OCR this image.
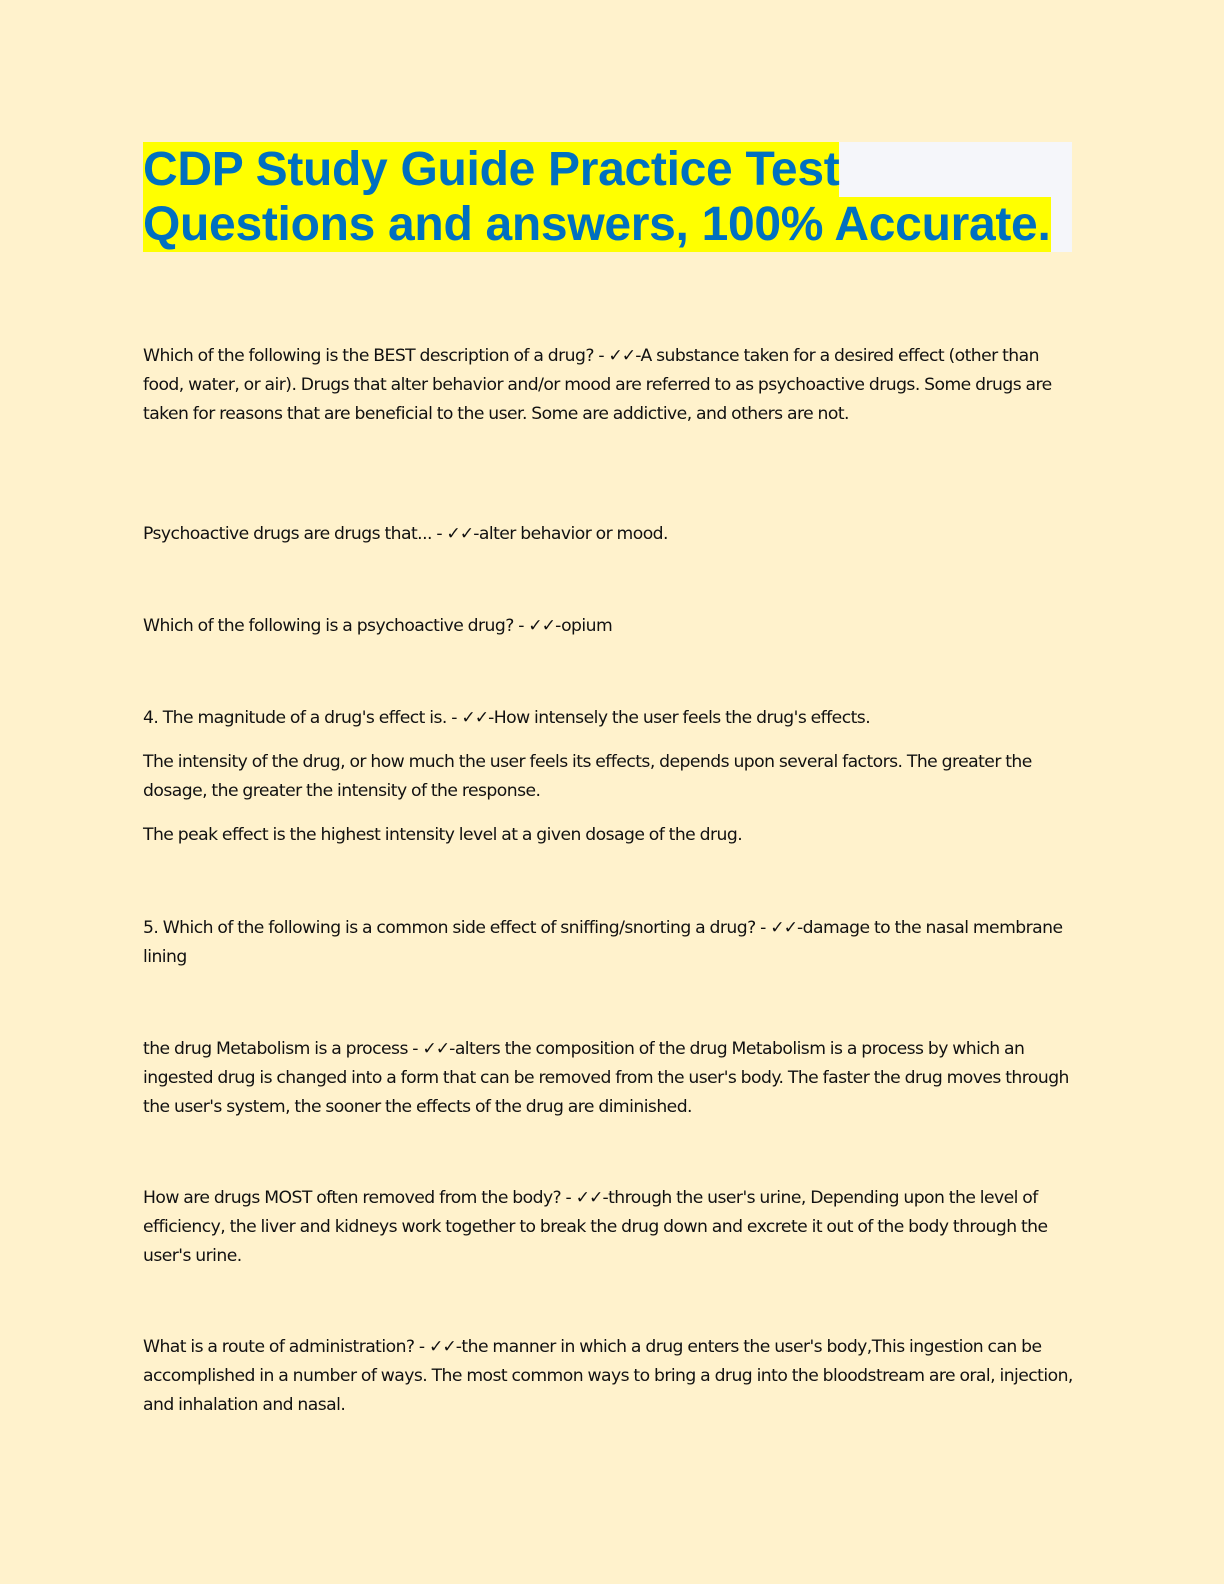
CDP Study Guide Practice Test
Questions and answers, 100% Accurate.

Which of the following is the BEST description of a drug? - ✓✓-A substance taken for a desired effect (other than food, water, or air). Drugs that alter behavior and/or mood are referred to as psychoactive drugs. Some drugs are taken for reasons that are beneficial to the user. Some are addictive, and others are not.

Psychoactive drugs are drugs that... - ✓✓-alter behavior or mood.

Which of the following is a psychoactive drug? - ✓✓-opium

4. The magnitude of a drug's effect is. - ✓✓-How intensely the user feels the drug's effects.

The intensity of the drug, or how much the user feels its effects, depends upon several factors. The greater the dosage, the greater the intensity of the response.

The peak effect is the highest intensity level at a given dosage of the drug.

5. Which of the following is a common side effect of sniffing/snorting a drug? - ✓✓-damage to the nasal membrane lining

the drug Metabolism is a process - ✓✓-alters the composition of the drug Metabolism is a process by which an ingested drug is changed into a form that can be removed from the user's body. The faster the drug moves through the user's system, the sooner the effects of the drug are diminished.

How are drugs MOST often removed from the body? - ✓✓-through the user's urine, Depending upon the level of efficiency, the liver and kidneys work together to break the drug down and excrete it out of the body through the user's urine.

What is a route of administration? - ✓✓-the manner in which a drug enters the user's body,This ingestion can be accomplished in a number of ways. The most common ways to bring a drug into the bloodstream are oral, injection, and inhalation and nasal.
